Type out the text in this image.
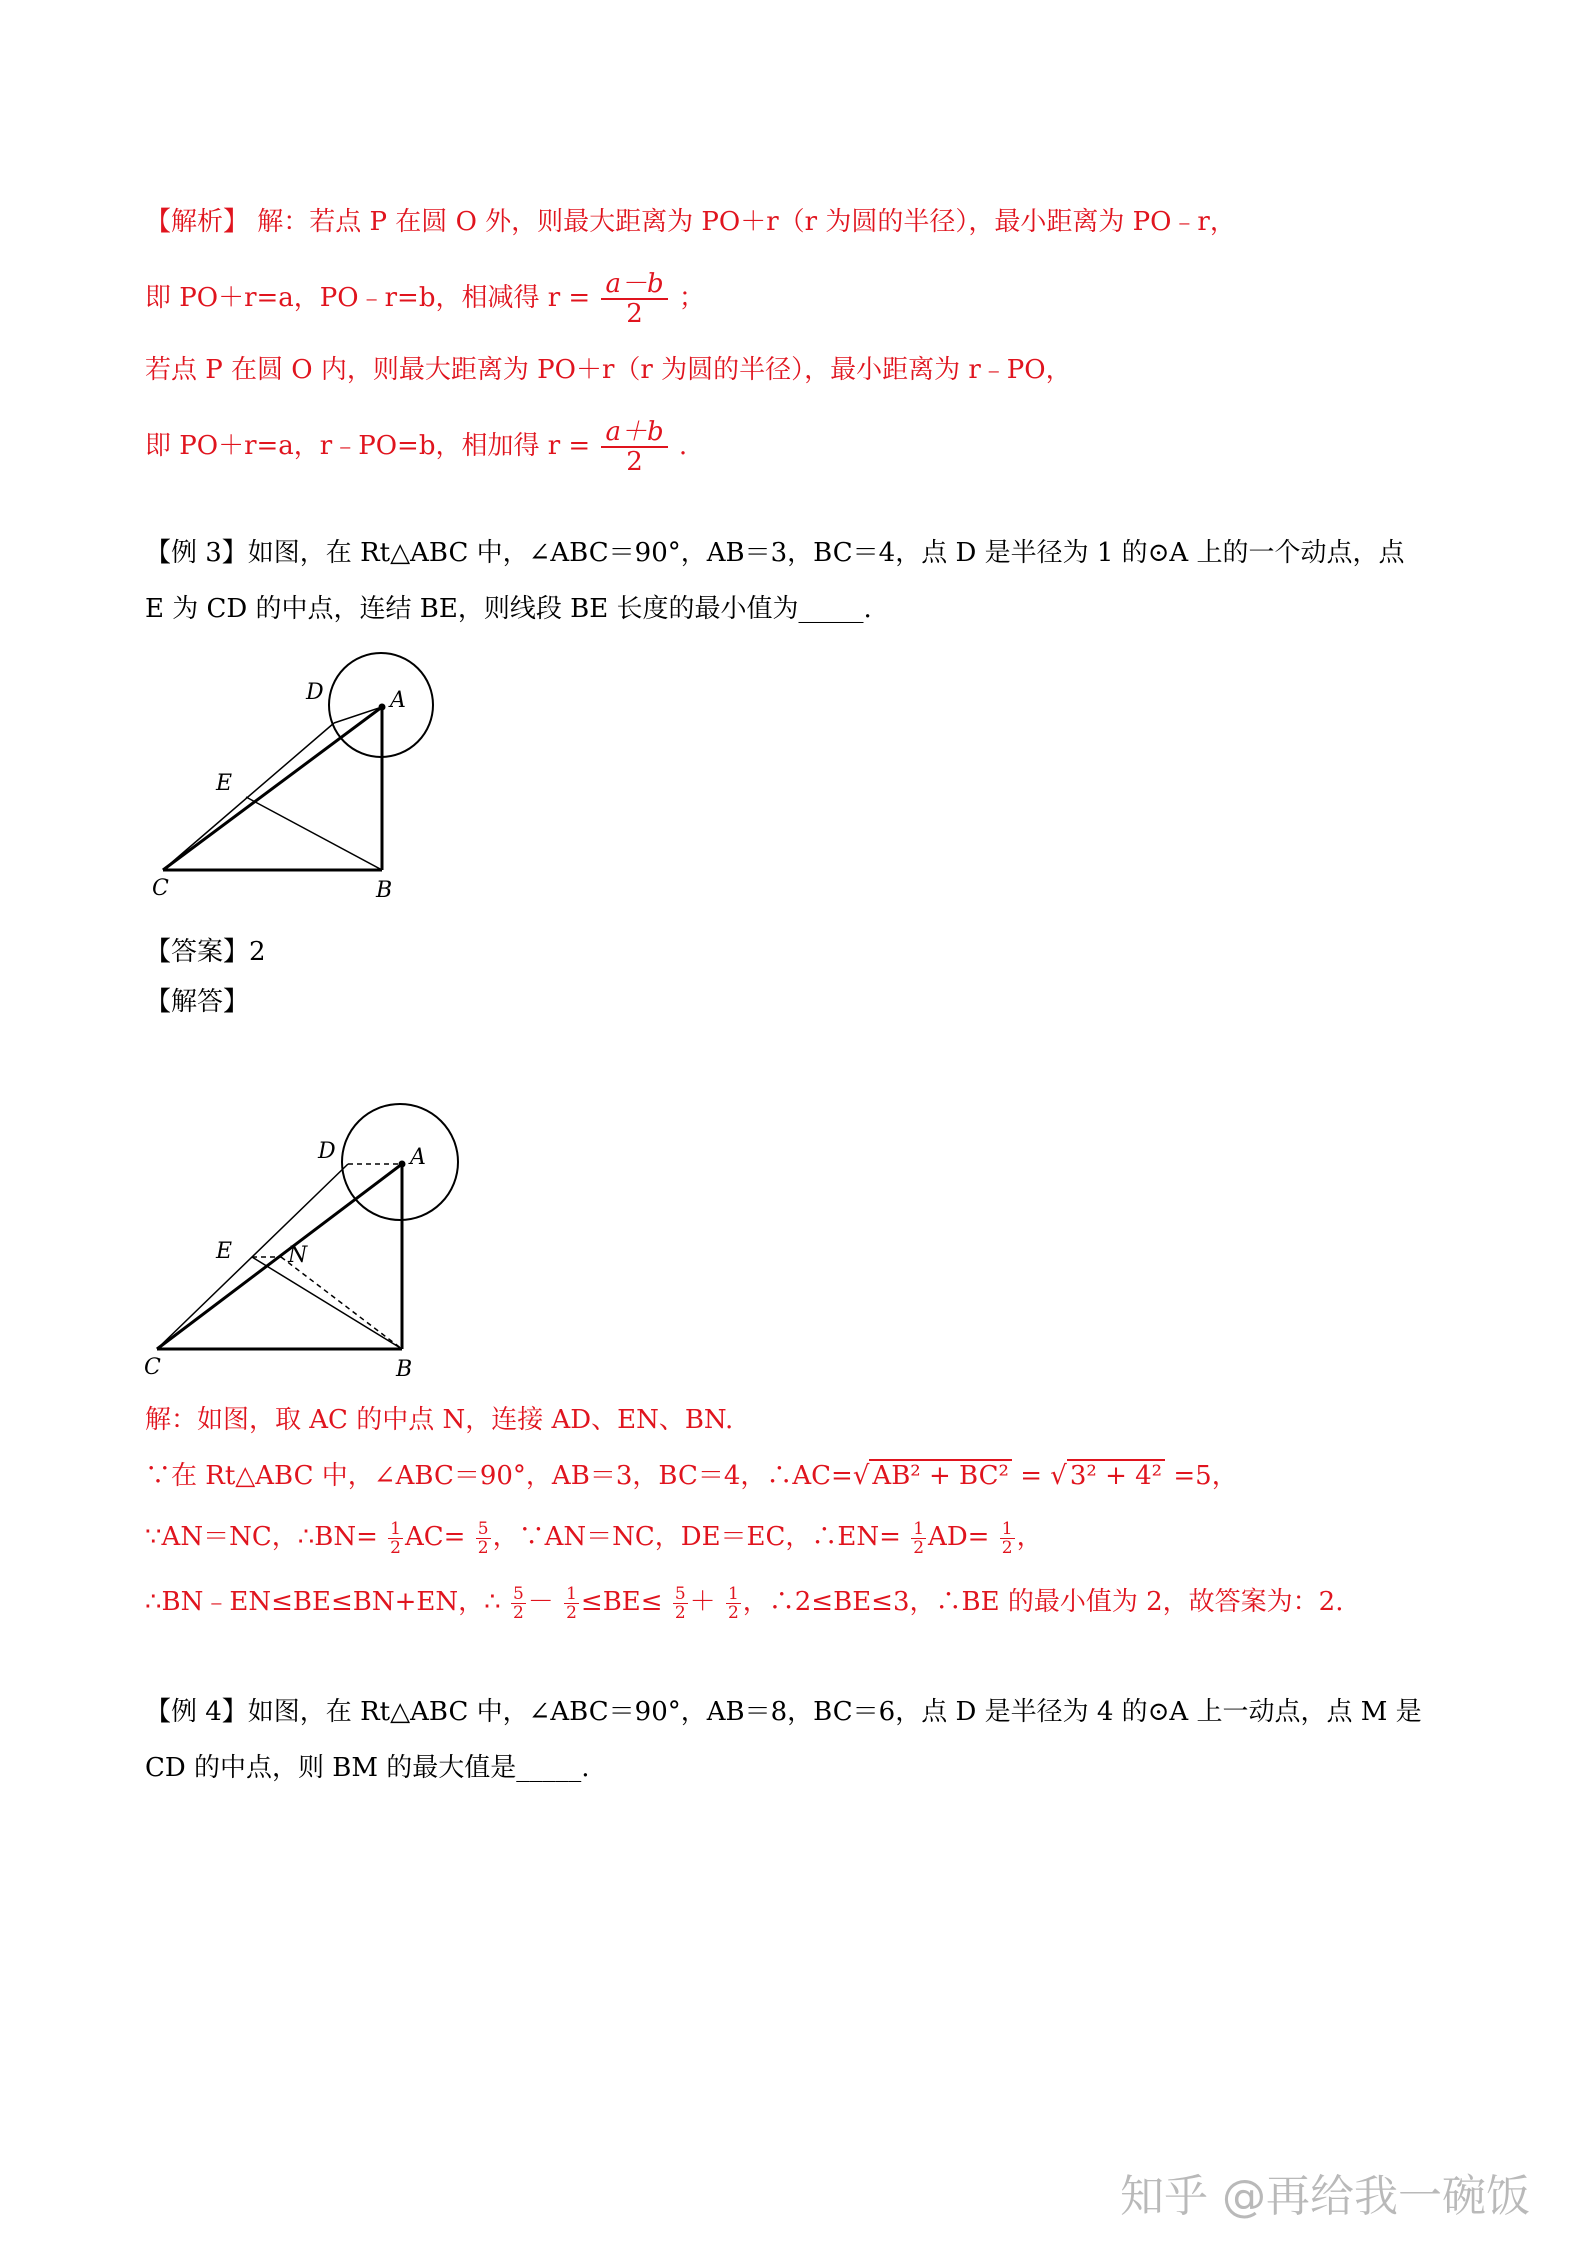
【解析】 解：若点 P 在圆 O 外，则最大距离为 PO＋r（r 为圆的半径），最小距离为 PO﹣r，
即 PO＋r=a，PO﹣r=b，相减得 $r = \frac{a-b}{2}$ ；
若点 P 在圆 O 内，则最大距离为 PO＋r（r 为圆的半径），最小距离为 r﹣PO，
即 PO＋r=a，r﹣PO=b，相加得 $r = \frac{a+b}{2}$ .
【例 3】如图，在 Rt△ABC 中，∠ABC＝90°，AB＝3，BC＝4，点 D 是半径为 1 的⊙A 上的一个动点，点
E 为 CD 的中点，连结 BE，则线段 BE 长度的最小值为_____.
A
B
C
D
E
【答案】2
【解答】
A
B
C
D
E	N
解：如图，取 AC 的中点 N，连接 AD、EN、BN.
∵在 Rt△ABC 中，∠ABC＝90°，AB＝3，BC＝4，∴AC=√ AB² + BC² = √ 3² + 4² =5，
∵AN＝NC，∴BN= $\frac{1}{2} AC= \frac{5}{2}$ ，∵AN＝NC，DE＝EC，∴EN= $\frac{1}{2} AD= \frac{1}{2}$ ，
∴BN﹣EN≤BE≤BN+EN，∴ $\frac{5}{2} - \frac{1}{2} \le BE\le \frac{5}{2} + \frac{1}{2}$ ，∴2≤BE≤3，∴BE 的最小值为 2，故答案为：2.
【例 4】如图，在 Rt△ABC 中，∠ABC＝90°，AB＝8，BC＝6，点 D 是半径为 4 的⊙A 上一动点，点 M 是
CD 的中点，则 BM 的最大值是_____.
知乎 @再给我一碗饭
